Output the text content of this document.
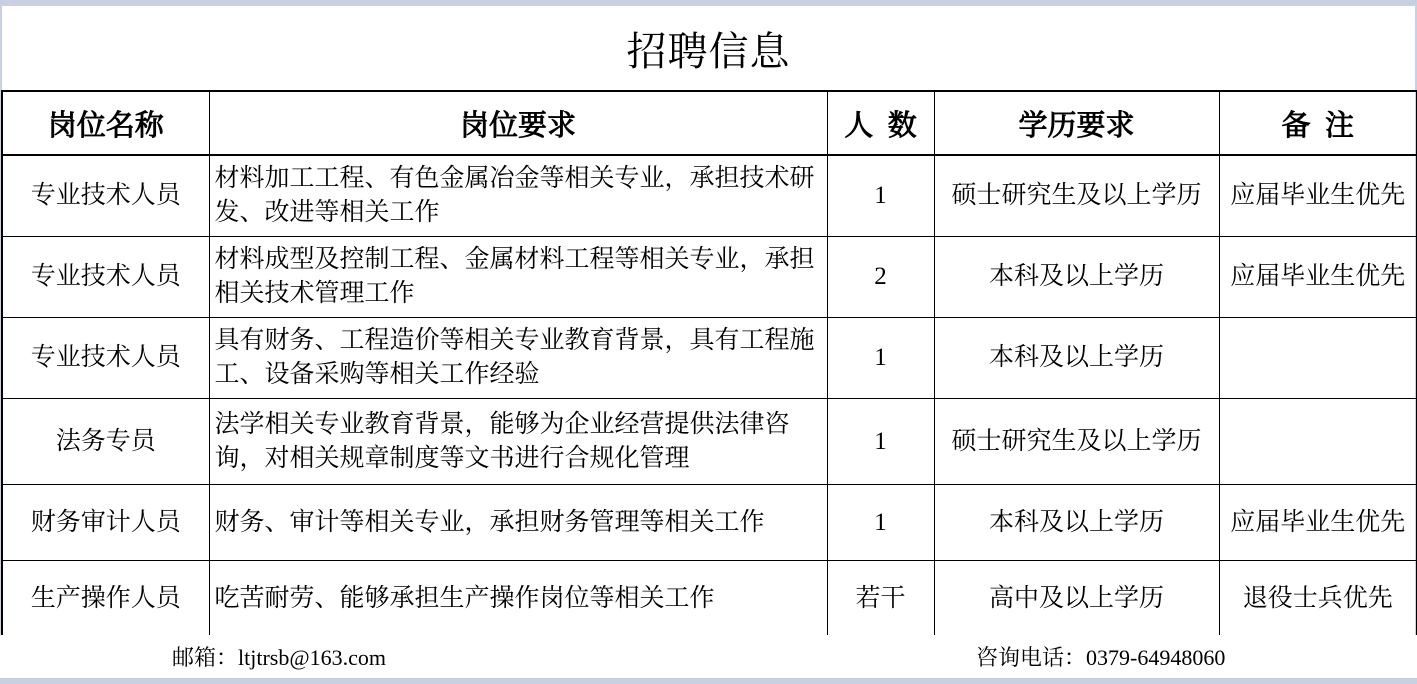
招聘信息
岗位名称	岗位要求	人  数	学历要求	备  注
专业技术人员	材料加工工程、有色金属冶金等相关专业，承担技术研发、改进等相关工作	1	硕士研究生及以上学历	应届毕业生优先
专业技术人员	材料成型及控制工程、金属材料工程等相关专业，承担相关技术管理工作	2	本科及以上学历	应届毕业生优先
专业技术人员	具有财务、工程造价等相关专业教育背景，具有工程施工、设备采购等相关工作经验	1	本科及以上学历	
法务专员	法学相关专业教育背景，能够为企业经营提供法律咨询，对相关规章制度等文书进行合规化管理	1	硕士研究生及以上学历	
财务审计人员	财务、审计等相关专业，承担财务管理等相关工作	1	本科及以上学历	应届毕业生优先
生产操作人员	吃苦耐劳、能够承担生产操作岗位等相关工作	若干	高中及以上学历	退役士兵优先
邮箱：ltjtrsb@163.com	咨询电话：0379-64948060
